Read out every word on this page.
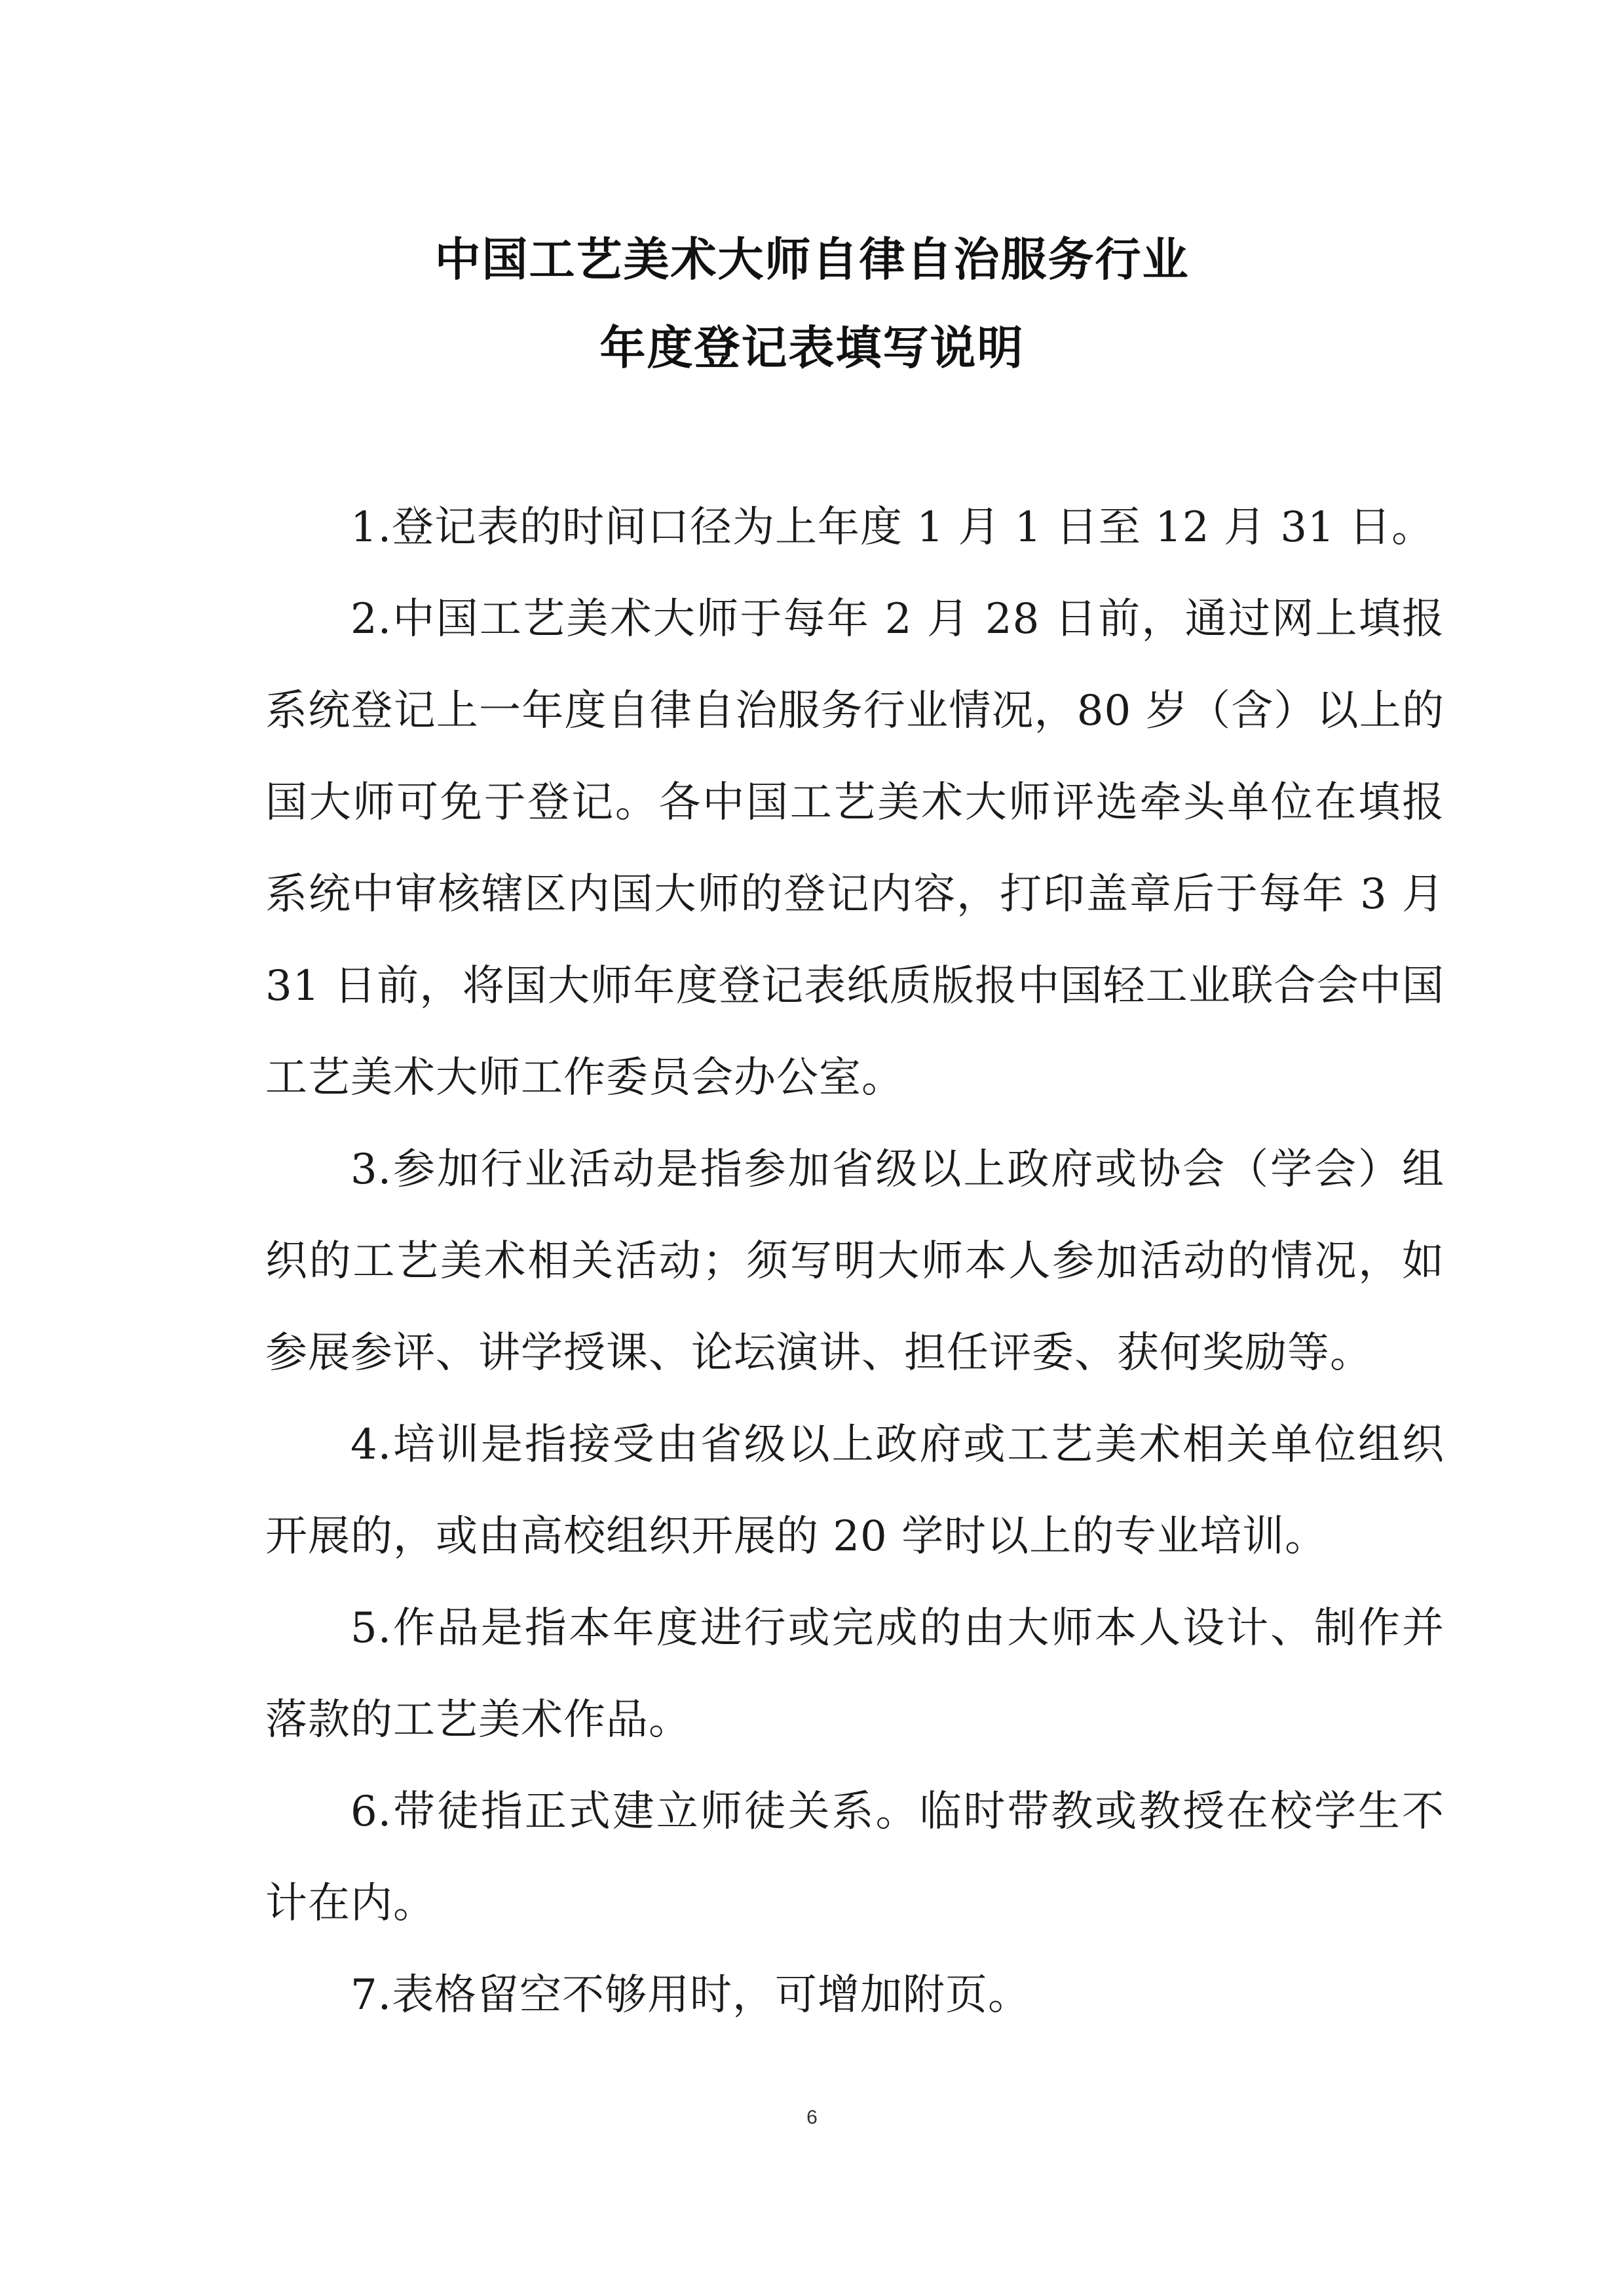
中国工艺美术大师自律自治服务行业
年度登记表填写说明

1.登记表的时间口径为上年度 1 月 1 日至 12 月 31 日。

2.中国工艺美术大师于每年 2 月 28 日前，通过网上填报系统登记上一年度自律自治服务行业情况，80 岁（含）以上的国大师可免于登记。各中国工艺美术大师评选牵头单位在填报系统中审核辖区内国大师的登记内容，打印盖章后于每年 3 月 31 日前，将国大师年度登记表纸质版报中国轻工业联合会中国工艺美术大师工作委员会办公室。

3.参加行业活动是指参加省级以上政府或协会（学会）组织的工艺美术相关活动；须写明大师本人参加活动的情况，如参展参评、讲学授课、论坛演讲、担任评委、获何奖励等。

4.培训是指接受由省级以上政府或工艺美术相关单位组织开展的，或由高校组织开展的 20 学时以上的专业培训。

5.作品是指本年度进行或完成的由大师本人设计、制作并落款的工艺美术作品。

6.带徒指正式建立师徒关系。临时带教或教授在校学生不计在内。

7.表格留空不够用时，可增加附页。

6
